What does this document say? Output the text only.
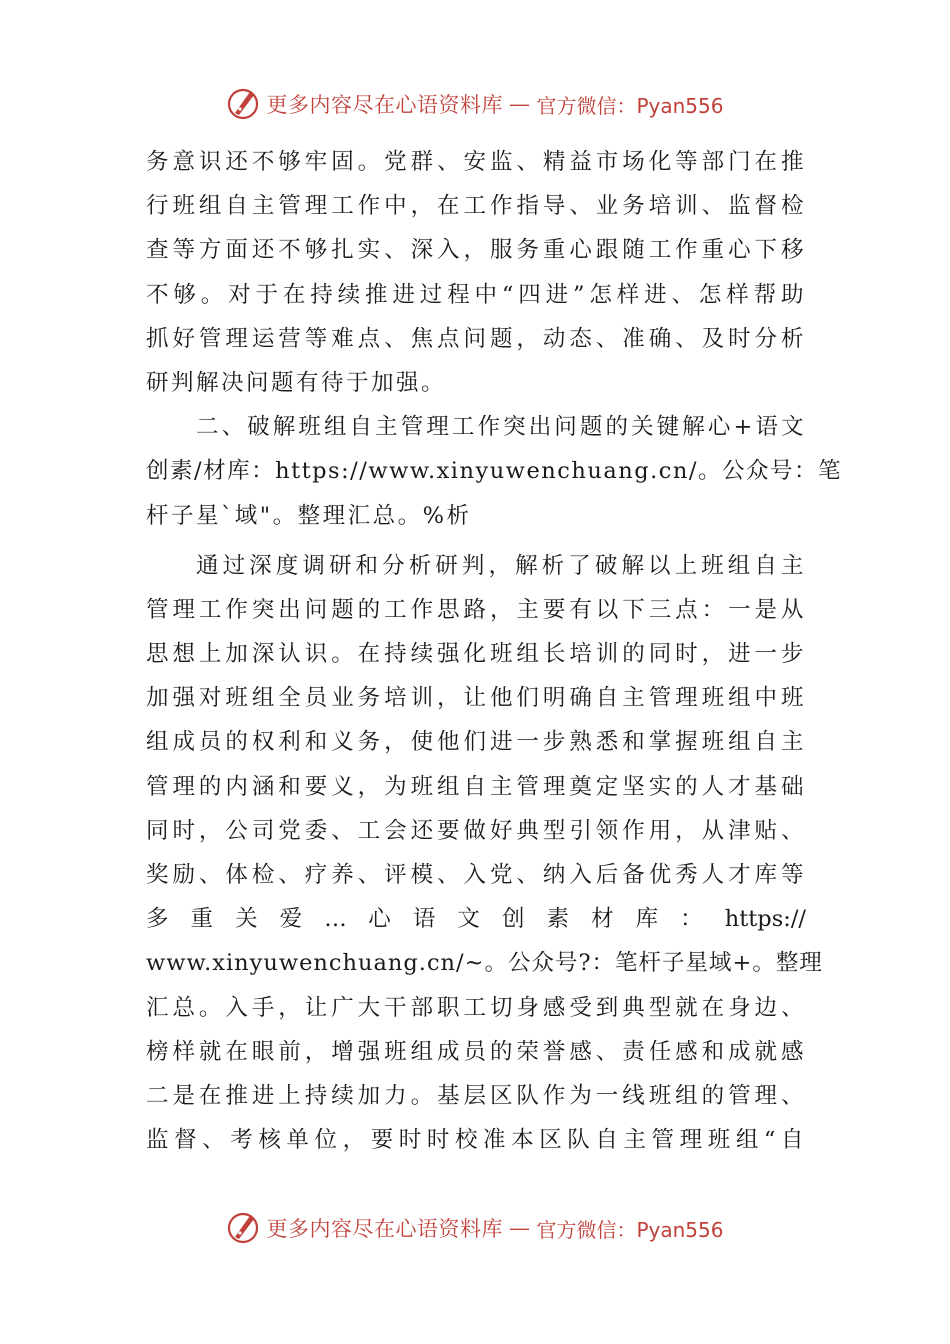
更多内容尽在心语资料库 — 官方微信：Pyan556
务意识还不够牢固。党群、安监、精益市场化等部门在推
行班组自主管理工作中，在工作指导、业务培训、监督检
查等方面还不够扎实、深入，服务重心跟随工作重心下移
不够。对于在持续推进过程中“四进”怎样进、怎样帮助
抓好管理运营等难点、焦点问题，动态、准确、及时分析
研判解决问题有待于加强。
二、破解班组自主管理工作突出问题的关键解心+语文
创素/材库：https://www.xinyuwenchuang.cn/。公众号：笔
杆子星`域"。整理汇总。%析
通过深度调研和分析研判，解析了破解以上班组自主
管理工作突出问题的工作思路，主要有以下三点：一是从
思想上加深认识。在持续强化班组长培训的同时，进一步
加强对班组全员业务培训，让他们明确自主管理班组中班
组成员的权利和义务，使他们进一步熟悉和掌握班组自主
管理的内涵和要义，为班组自主管理奠定坚实的人才基础
同时，公司党委、工会还要做好典型引领作用，从津贴、
奖励、体检、疗养、评模、入党、纳入后备优秀人才库等
多 重 关 爱 … 心 语 文 创 素 材 库 ： https://
www.xinyuwenchuang.cn/~。公众号?：笔杆子星域+。整理
汇总。入手，让广大干部职工切身感受到典型就在身边、
榜样就在眼前，增强班组成员的荣誉感、责任感和成就感
二是在推进上持续加力。基层区队作为一线班组的管理、
监督、考核单位，要时时校准本区队自主管理班组“自
更多内容尽在心语资料库 — 官方微信：Pyan556
